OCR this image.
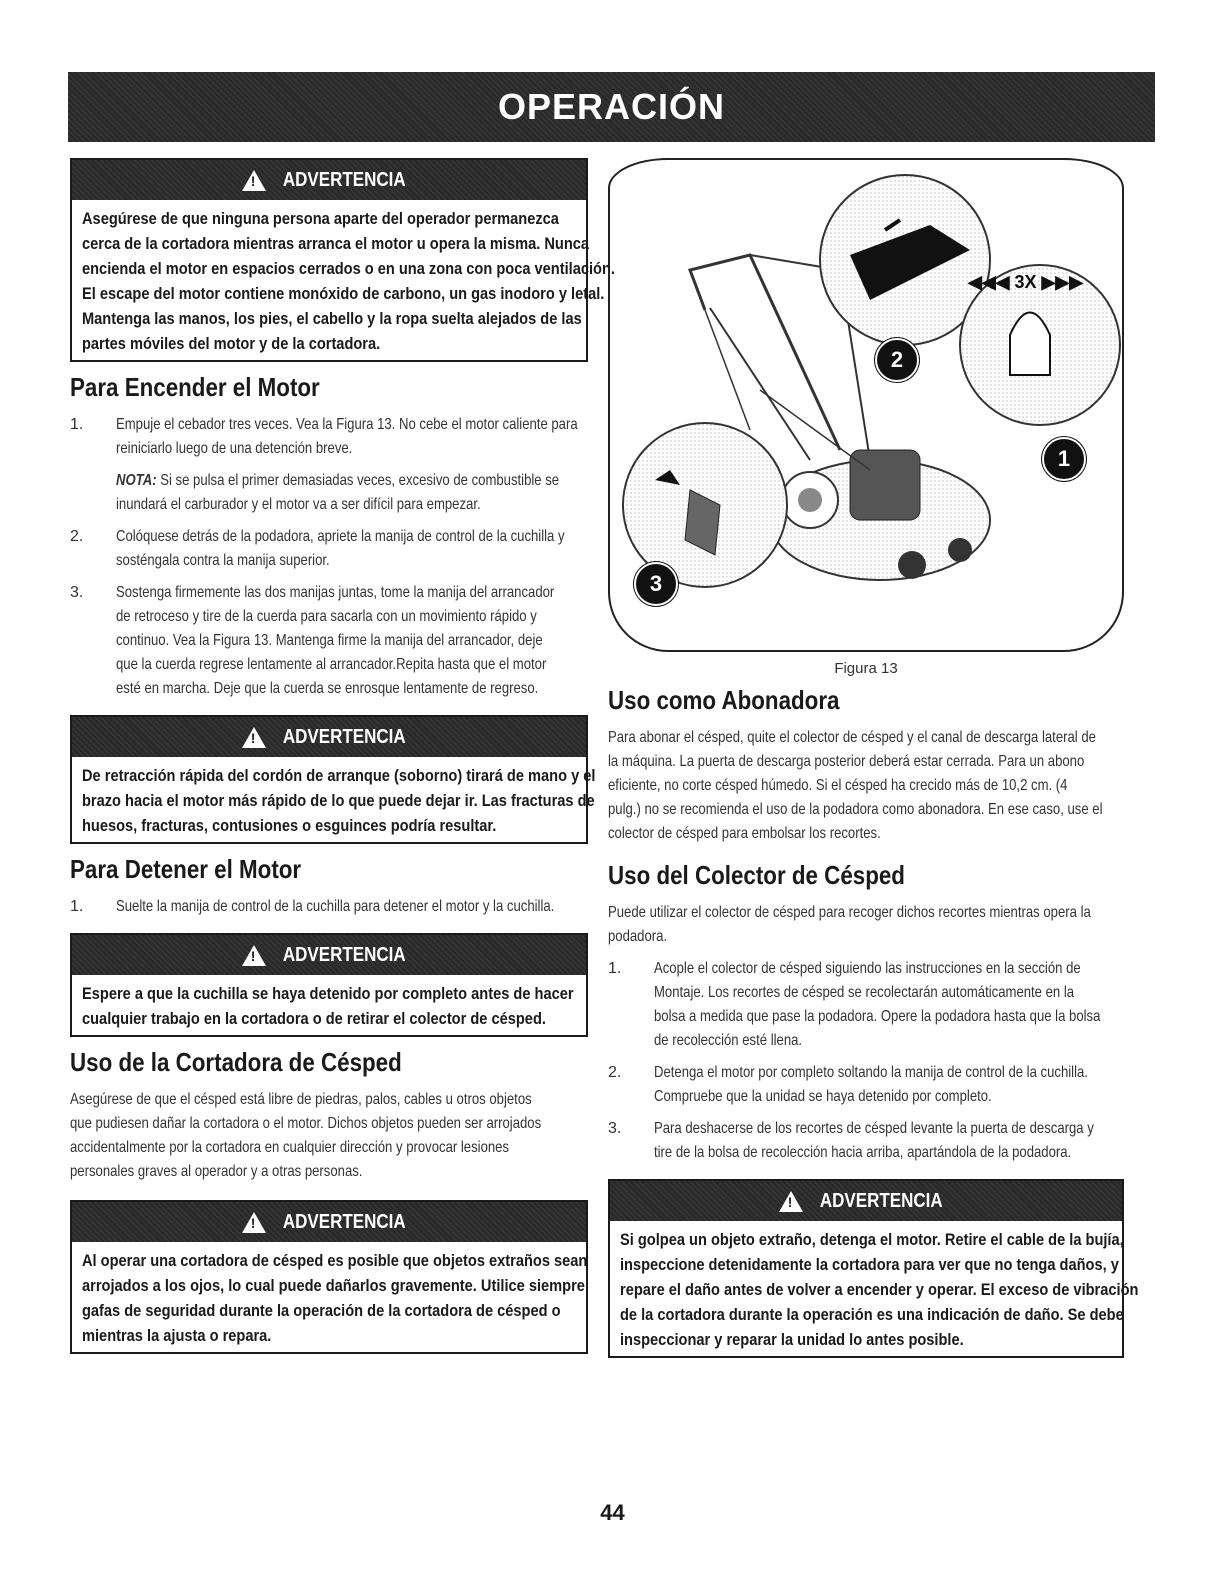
OPERACIÓN
!
ADVERTENCIA
Asegúrese de que ninguna persona aparte del operador permanezca
cerca de la cortadora mientras arranca el motor u opera la misma. Nunca
encienda el motor en espacios cerrados o en una zona con poca ventilación.
El escape del motor contiene monóxido de carbono, un gas inodoro y letal.
Mantenga las manos, los pies, el cabello y la ropa suelta alejados de las
partes móviles del motor y de la cortadora.
Para Encender el Motor
1.	Empuje el cebador tres veces. Vea la Figura 13. No cebe el motor caliente para
reiniciarlo luego de una detención breve.
NOTA: Si se pulsa el primer demasiadas veces, excesivo de combustible se
inundará el carburador y el motor va a ser difícil para empezar.
2.	Colóquese detrás de la podadora, apriete la manija de control de la cuchilla y
sosténgala contra la manija superior.
3.	Sostenga firmemente las dos manijas juntas, tome la manija del arrancador
de retroceso y tire de la cuerda para sacarla con un movimiento rápido y
continuo. Vea la Figura 13. Mantenga firme la manija del arrancador, deje
que la cuerda regrese lentamente al arrancador.Repita hasta que el motor
esté en marcha. Deje que la cuerda se enrosque lentamente de regreso.
!
ADVERTENCIA
De retracción rápida del cordón de arranque (soborno) tirará de mano y el
brazo hacia el motor más rápido de lo que puede dejar ir. Las fracturas de
huesos, fracturas, contusiones o esguinces podría resultar.
Para Detener el Motor
1.	Suelte la manija de control de la cuchilla para detener el motor y la cuchilla.
!
ADVERTENCIA
Espere a que la cuchilla se haya detenido por completo antes de hacer
cualquier trabajo en la cortadora o de retirar el colector de césped.
Uso de la Cortadora de Césped
Asegúrese de que el césped está libre de piedras, palos, cables u otros objetos
que pudiesen dañar la cortadora o el motor. Dichos objetos pueden ser arrojados
accidentalmente por la cortadora en cualquier dirección y provocar lesiones
personales graves al operador y a otras personas.
!
ADVERTENCIA
Al operar una cortadora de césped es posible que objetos extraños sean
arrojados a los ojos, lo cual puede dañarlos gravemente. Utilice siempre
gafas de seguridad durante la operación de la cortadora de césped o
mientras la ajusta o repara.
◀◀◀ 3X ▶▶▶
2
1
3
Figura 13
Uso como Abonadora
Para abonar el césped, quite el colector de césped y el canal de descarga lateral de
la máquina. La puerta de descarga posterior deberá estar cerrada. Para un abono
eficiente, no corte césped húmedo. Si el césped ha crecido más de 10,2 cm. (4
pulg.) no se recomienda el uso de la podadora como abonadora. En ese caso, use el
colector de césped para embolsar los recortes.
Uso del Colector de Césped
Puede utilizar el colector de césped para recoger dichos recortes mientras opera la
podadora.
1.	Acople el colector de césped siguiendo las instrucciones en la sección de
Montaje. Los recortes de césped se recolectarán automáticamente en la
bolsa a medida que pase la podadora. Opere la podadora hasta que la bolsa
de recolección esté llena.
2.	Detenga el motor por completo soltando la manija de control de la cuchilla.
Compruebe que la unidad se haya detenido por completo.
3.	Para deshacerse de los recortes de césped levante la puerta de descarga y
tire de la bolsa de recolección hacia arriba, apartándola de la podadora.
!
ADVERTENCIA
Si golpea un objeto extraño, detenga el motor. Retire el cable de la bujía,
inspeccione detenidamente la cortadora para ver que no tenga daños, y
repare el daño antes de volver a encender y operar. El exceso de vibración
de la cortadora durante la operación es una indicación de daño. Se debe
inspeccionar y reparar la unidad lo antes posible.
44
